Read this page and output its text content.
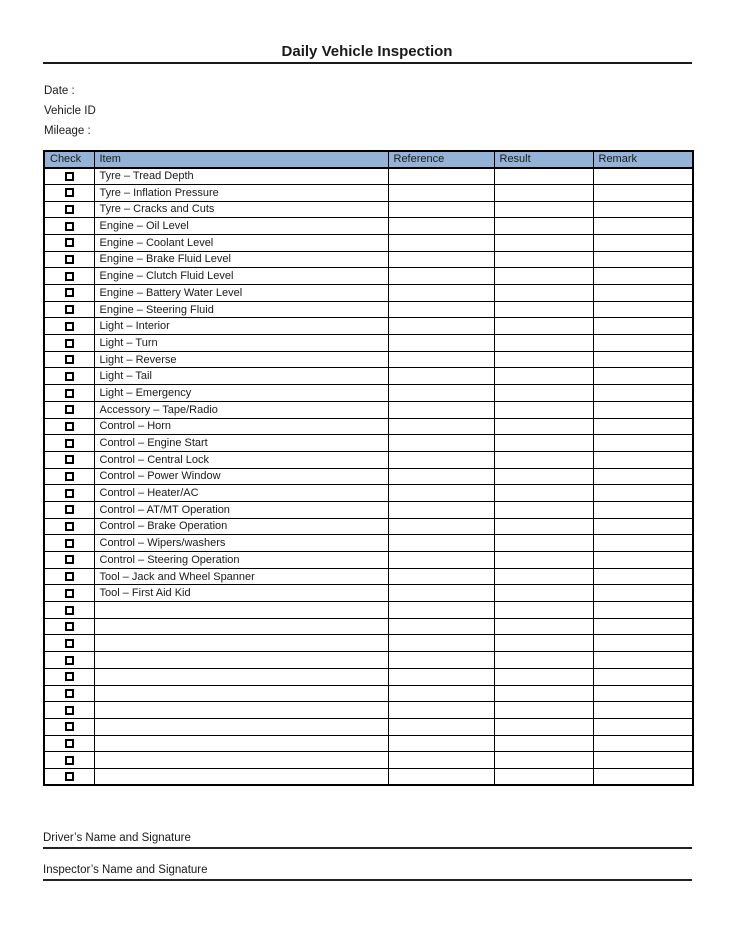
Daily Vehicle Inspection
Date :
Vehicle ID
Mileage :
Check	Item	Reference	Result	Remark
	Tyre – Tread Depth			
	Tyre – Inflation Pressure			
	Tyre – Cracks and Cuts			
	Engine – Oil Level			
	Engine – Coolant Level			
	Engine – Brake Fluid Level			
	Engine – Clutch Fluid Level			
	Engine – Battery Water Level			
	Engine – Steering Fluid			
	Light – Interior			
	Light – Turn			
	Light – Reverse			
	Light – Tail			
	Light – Emergency			
	Accessory – Tape/Radio			
	Control – Horn			
	Control – Engine Start			
	Control – Central Lock			
	Control – Power Window			
	Control – Heater/AC			
	Control – AT/MT Operation			
	Control – Brake Operation			
	Control – Wipers/washers			
	Control – Steering Operation			
	Tool – Jack and Wheel Spanner			
	Tool – First Aid Kid			

Driver’s Name and Signature
Inspector’s Name and Signature
